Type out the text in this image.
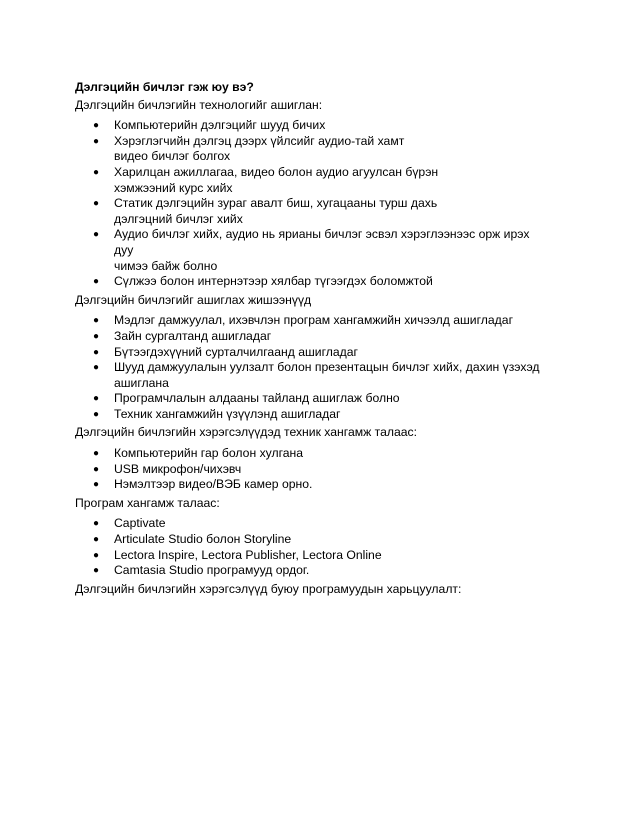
Дэлгэцийн бичлэг гэж юу вэ?

Дэлгэцийн бичлэгийн технологийг ашиглан:

● Компьютерийн дэлгэцийг шууд бичих
● Хэрэглэгчийн дэлгэц дээрх үйлсийг аудио-тай хамт
видео бичлэг болгох
● Харилцан ажиллагаа, видео болон аудио агуулсан бүрэн
хэмжээний курс хийх
● Статик дэлгэцийн зураг авалт биш, хугацааны турш дахь
дэлгэцний бичлэг хийх
● Аудио бичлэг хийх, аудио нь ярианы бичлэг эсвэл хэрэглээнээс орж ирэх
дуу
чимээ байж болно
● Сүлжээ болон интернэтээр хялбар түгээгдэх боломжтой

Дэлгэцийн бичлэгийг ашиглах жишээнүүд

● Мэдлэг дамжуулал, ихэвчлэн програм хангамжийн хичээлд ашигладаг
● Зайн сургалтанд ашигладаг
● Бүтээгдэхүүний сурталчилгаанд ашигладаг
● Шууд дамжуулалын уулзалт болон презентацын бичлэг хийх, дахин үзэхэд
ашиглана
● Програмчлалын алдааны тайланд ашиглаж болно
● Техник хангамжийн үзүүлэнд ашигладаг

Дэлгэцийн бичлэгийн хэрэгсэлүүдэд техник хангамж талаас:

● Компьютерийн гар болон хулгана
● USB микрофон/чихэвч
● Нэмэлтээр видео/ВЭБ камер орно.

Програм хангамж талаас:

● Captivate
● Articulate Studio болон Storyline
● Lectora Inspire, Lectora Publisher, Lectora Online
● Camtasia Studio програмууд ордог.

Дэлгэцийн бичлэгийн хэрэгсэлүүд буюу програмуудын харьцуулалт:
